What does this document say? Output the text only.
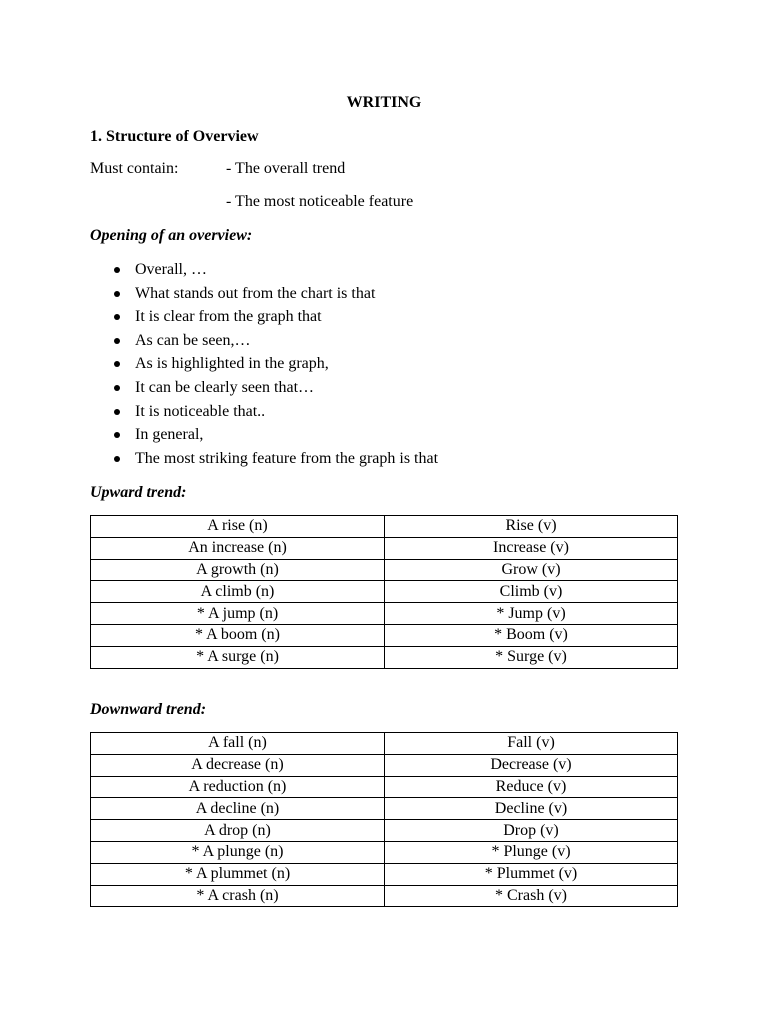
WRITING
1. Structure of Overview
Must contain:	- The overall trend
- The most noticeable feature
Opening of an overview:
Overall, …
What stands out from the chart is that
It is clear from the graph that
As can be seen,…
As is highlighted in the graph,
It can be clearly seen that…
It is noticeable that..
In general,
The most striking feature from the graph is that
Upward trend:
A rise (n)	Rise (v)
An increase (n)	Increase (v)
A growth (n)	Grow (v)
A climb (n)	Climb (v)
* A jump (n)	* Jump (v)
* A boom (n)	* Boom (v)
* A surge (n)	* Surge (v)
Downward trend:
A fall (n)	Fall (v)
A decrease (n)	Decrease (v)
A reduction (n)	Reduce (v)
A decline (n)	Decline (v)
A drop (n)	Drop (v)
* A plunge (n)	* Plunge (v)
* A plummet (n)	* Plummet (v)
* A crash (n)	* Crash (v)
